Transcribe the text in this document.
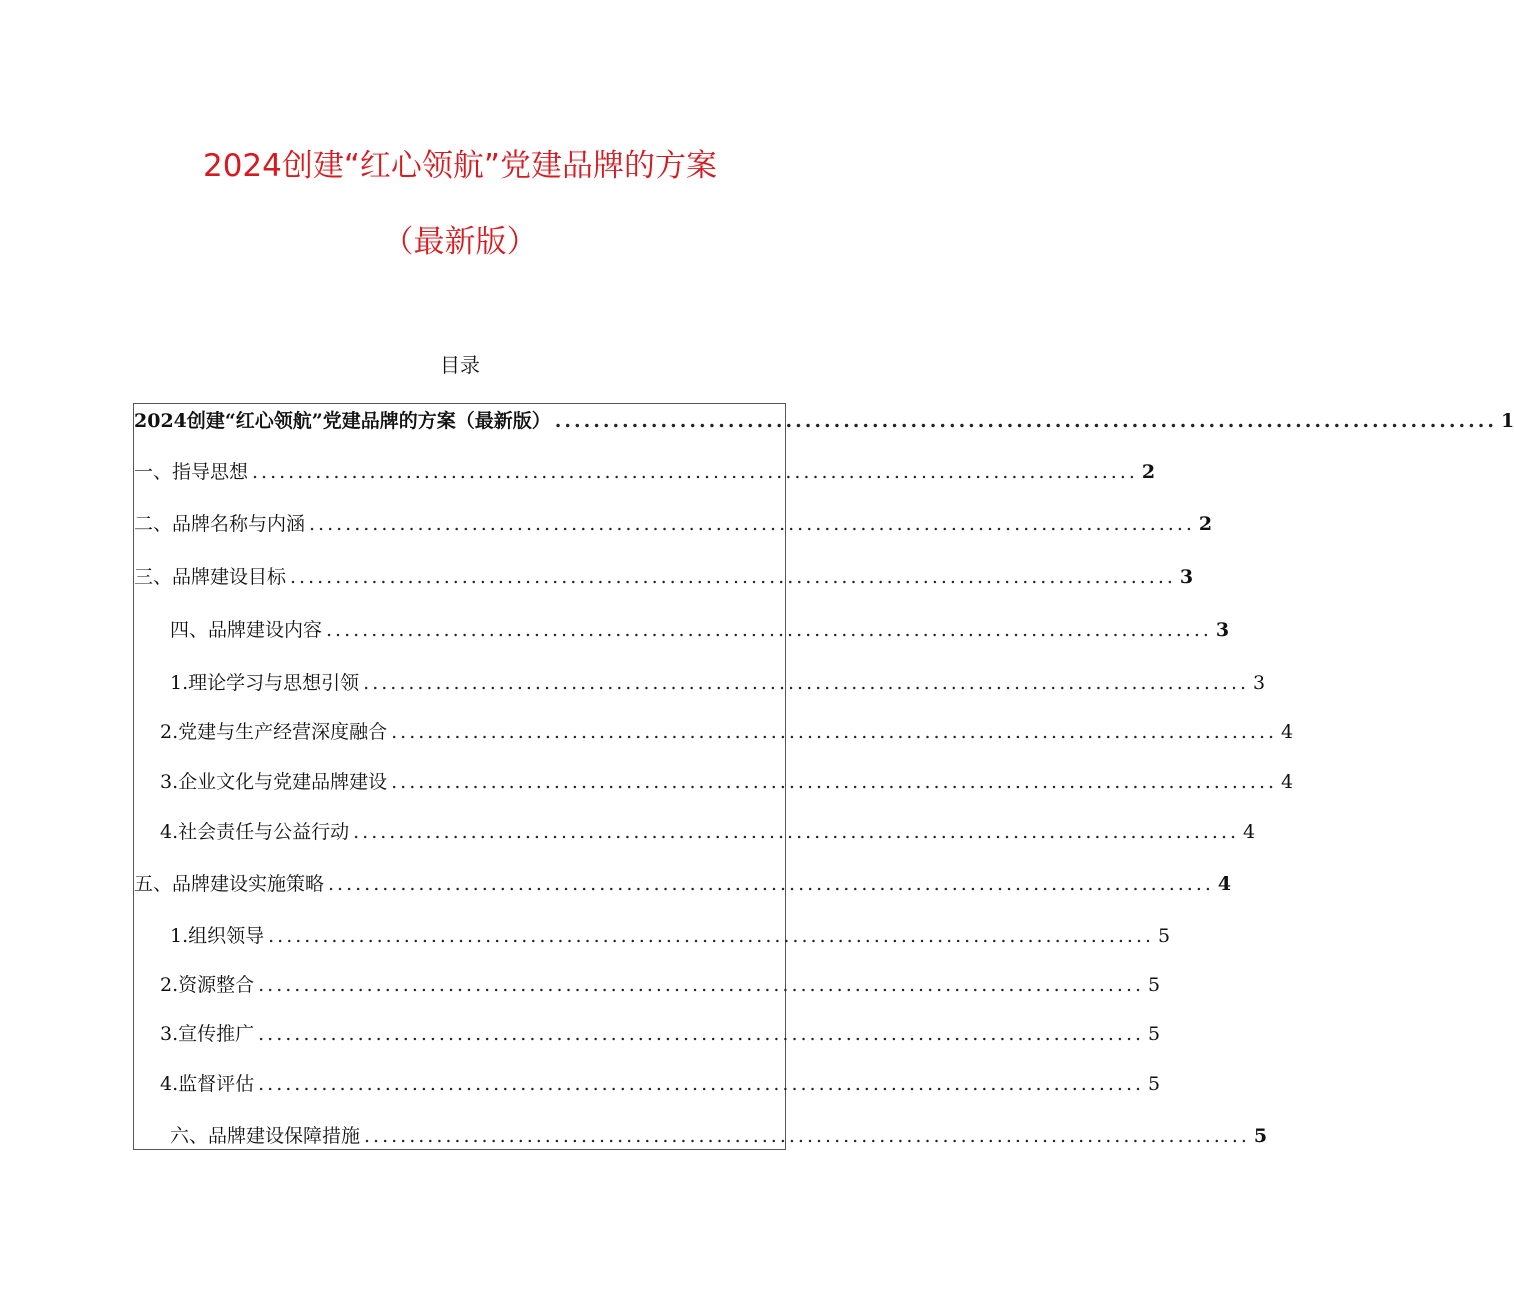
2024创建“红心领航”党建品牌的方案
（最新版）
目录
2024创建“红心领航”党建品牌的方案（最新版） .................................................................................................. 1
一、指导思想 .................................................................................................. 2
二、品牌名称与内涵 .................................................................................................. 2
三、品牌建设目标 .................................................................................................. 3
四、品牌建设内容 .................................................................................................. 3
1. 理论学习与思想引领 .................................................................................................. 3
2 .党建与生产经营深度融合 .................................................................................................. 4
3 .企业文化与党建品牌建设 .................................................................................................. 4
4 .社会责任与公益行动 .................................................................................................. 4
五、品牌建设实施策略 .................................................................................................. 4
1 .组织领导 .................................................................................................. 5
2 .资源整合 .................................................................................................. 5
3 .宣传推广 .................................................................................................. 5
4 .监督评估 .................................................................................................. 5
六、品牌建设保障措施 .................................................................................................. 5
